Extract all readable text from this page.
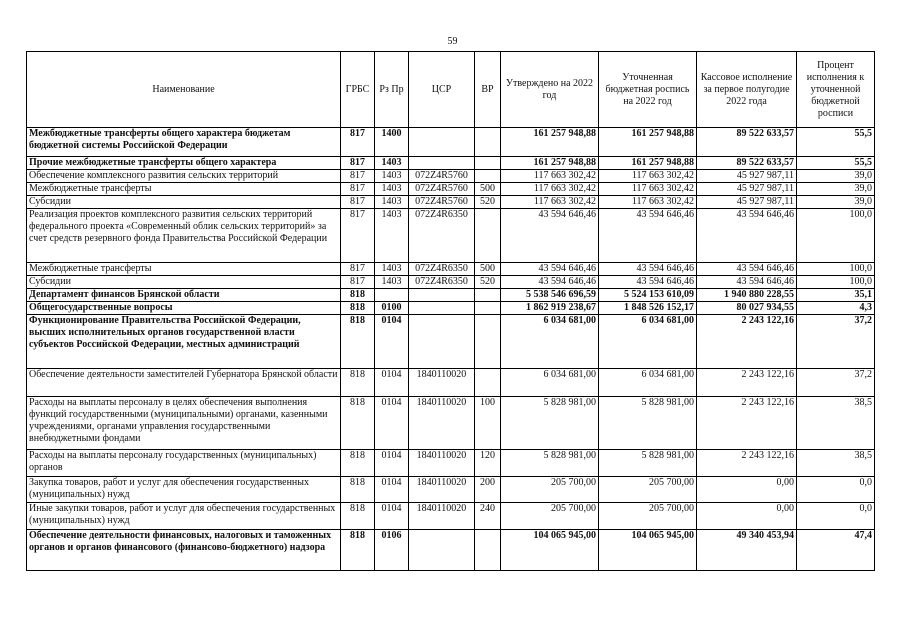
59
Наименование	ГРБС	Рз Пр	ЦСР	ВР	Утверждено на 2022 год	Уточненная бюджетная роспись на 2022 год	Кассовое исполнение за первое полугодие 2022 года	Процент исполнения к уточненной бюджетной росписи
Межбюджетные трансферты общего характера бюджетам бюджетной системы Российской Федерации	817	1400			161 257 948,88	161 257 948,88	89 522 633,57	55,5
Прочие межбюджетные трансферты общего характера	817	1403			161 257 948,88	161 257 948,88	89 522 633,57	55,5
Обеспечение комплексного развития сельских территорий	817	1403	072Z4R5760		117 663 302,42	117 663 302,42	45 927 987,11	39,0
Межбюджетные трансферты	817	1403	072Z4R5760	500	117 663 302,42	117 663 302,42	45 927 987,11	39,0
Субсидии	817	1403	072Z4R5760	520	117 663 302,42	117 663 302,42	45 927 987,11	39,0
Реализация проектов комплексного развития сельских территорий федерального проекта «Современный облик сельских территорий» за счет средств резервного фонда Правительства Российской Федерации	817	1403	072Z4R6350		43 594 646,46	43 594 646,46	43 594 646,46	100,0
Межбюджетные трансферты	817	1403	072Z4R6350	500	43 594 646,46	43 594 646,46	43 594 646,46	100,0
Субсидии	817	1403	072Z4R6350	520	43 594 646,46	43 594 646,46	43 594 646,46	100,0
Департамент финансов Брянской области	818				5 538 546 696,59	5 524 153 610,09	1 940 880 228,55	35,1
Общегосударственные вопросы	818	0100			1 862 919 238,67	1 848 526 152,17	80 027 934,55	4,3
Функционирование Правительства Российской Федерации, высших исполнительных органов государственной власти субъектов Российской Федерации, местных администраций	818	0104			6 034 681,00	6 034 681,00	2 243 122,16	37,2
Обеспечение деятельности заместителей Губернатора Брянской области	818	0104	1840110020		6 034 681,00	6 034 681,00	2 243 122,16	37,2
Расходы на выплаты персоналу в целях обеспечения выполнения функций государственными (муниципальными) органами, казенными учреждениями, органами управления государственными внебюджетными фондами	818	0104	1840110020	100	5 828 981,00	5 828 981,00	2 243 122,16	38,5
Расходы на выплаты персоналу государственных (муниципальных) органов	818	0104	1840110020	120	5 828 981,00	5 828 981,00	2 243 122,16	38,5
Закупка товаров, работ и услуг для обеспечения государственных (муниципальных) нужд	818	0104	1840110020	200	205 700,00	205 700,00	0,00	0,0
Иные закупки товаров, работ и услуг для обеспечения государственных (муниципальных) нужд	818	0104	1840110020	240	205 700,00	205 700,00	0,00	0,0
Обеспечение деятельности финансовых, налоговых и таможенных органов и органов финансового (финансово-бюджетного) надзора	818	0106			104 065 945,00	104 065 945,00	49 340 453,94	47,4
